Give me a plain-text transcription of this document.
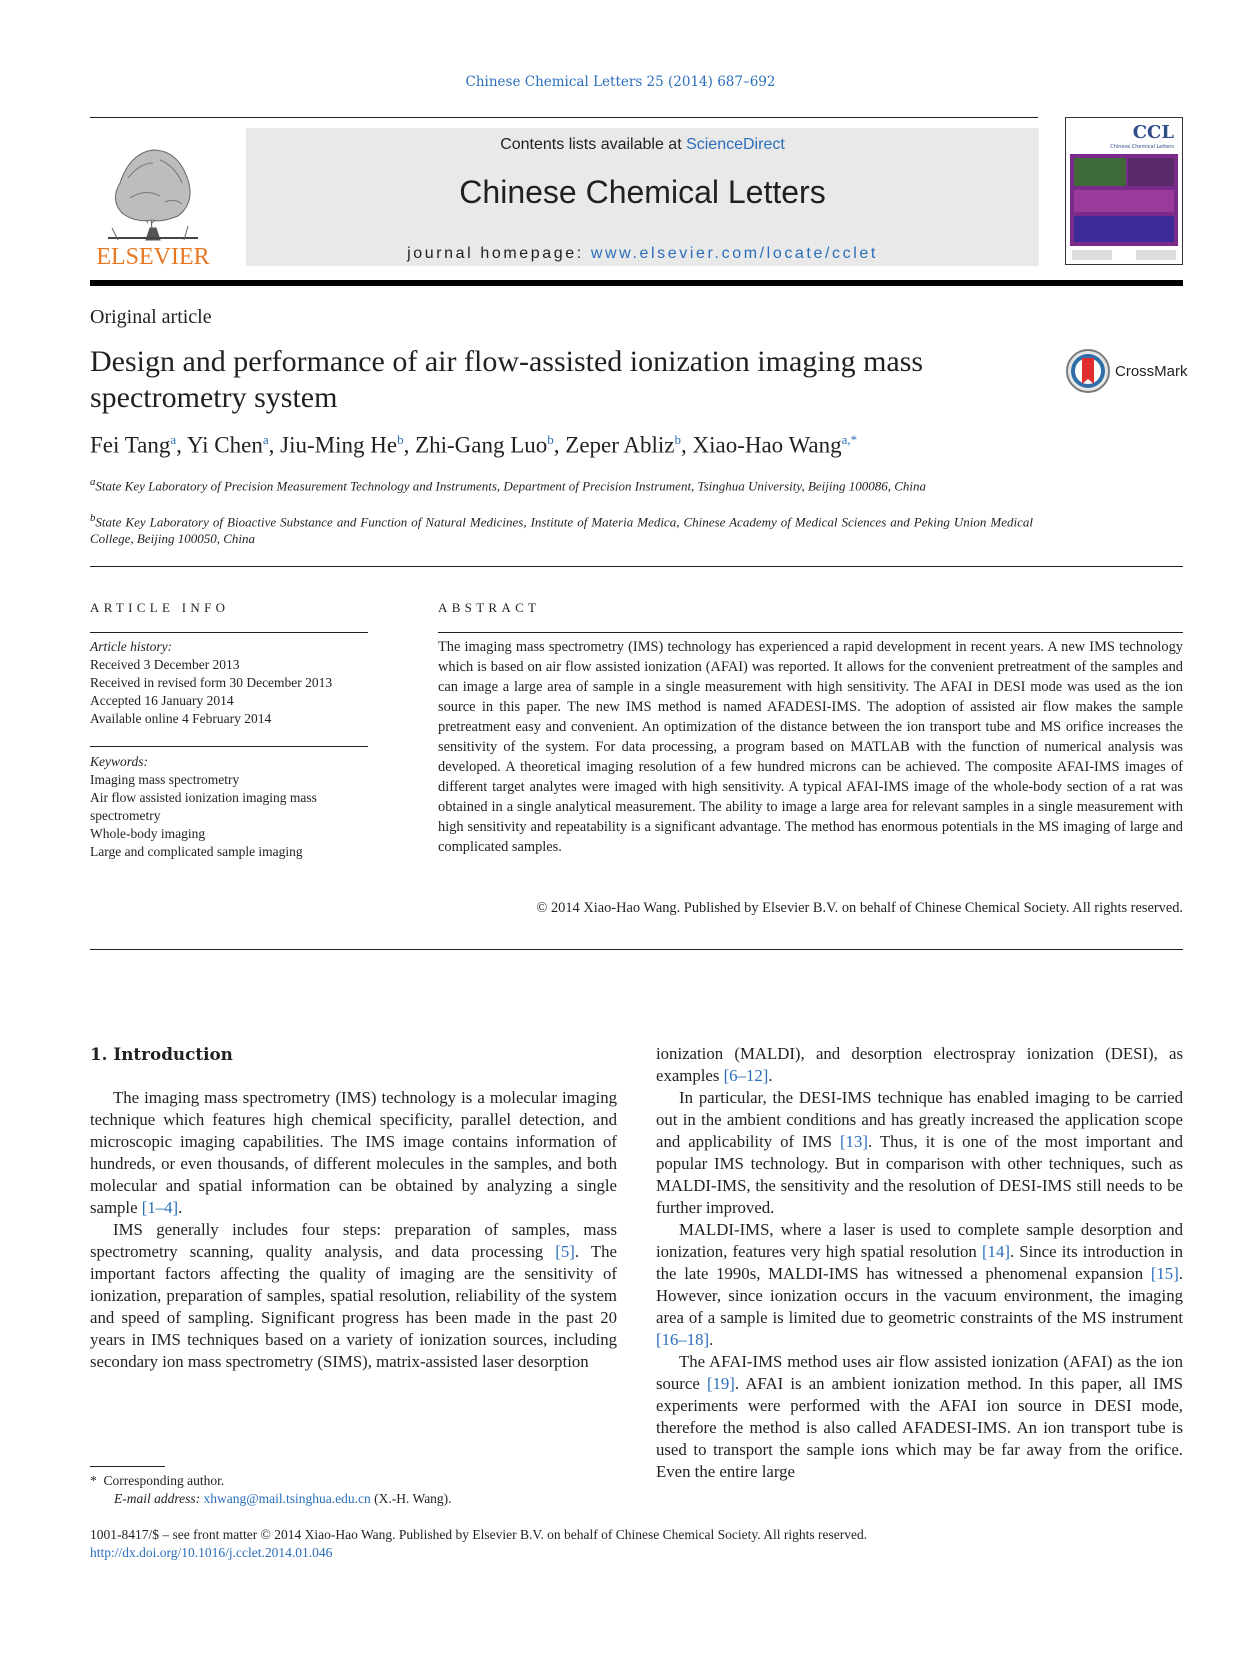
Chinese Chemical Letters 25 (2014) 687–692
ELSEVIER
Contents lists available at ScienceDirect
Chinese Chemical Letters
journal homepage: www.elsevier.com/locate/cclet
CCL
Chinese Chemical Letters
Original article
Design and performance of air flow-assisted ionization imaging mass spectrometry system
CrossMark
Fei Tang$^a$, Yi Chen$^a$, Jiu-Ming He$^b$, Zhi-Gang Luo$^b$, Zeper Abliz$^b$, Xiao-Hao Wang$^{a,*}$
$^a$State Key Laboratory of Precision Measurement Technology and Instruments, Department of Precision Instrument, Tsinghua University, Beijing 100086, China
$^b$State Key Laboratory of Bioactive Substance and Function of Natural Medicines, Institute of Materia Medica, Chinese Academy of Medical Sciences and Peking Union Medical College, Beijing 100050, China
ARTICLE INFO
Article history:
Received 3 December 2013
Received in revised form 30 December 2013
Accepted 16 January 2014
Available online 4 February 2014
Keywords:
Imaging mass spectrometry
Air flow assisted ionization imaging mass spectrometry
Whole-body imaging
Large and complicated sample imaging
ABSTRACT
The imaging mass spectrometry (IMS) technology has experienced a rapid development in recent years. A new IMS technology which is based on air flow assisted ionization (AFAI) was reported. It allows for the convenient pretreatment of the samples and can image a large area of sample in a single measurement with high sensitivity. The AFAI in DESI mode was used as the ion source in this paper. The new IMS method is named AFADESI-IMS. The adoption of assisted air flow makes the sample pretreatment easy and convenient. An optimization of the distance between the ion transport tube and MS orifice increases the sensitivity of the system. For data processing, a program based on MATLAB with the function of numerical analysis was developed. A theoretical imaging resolution of a few hundred microns can be achieved. The composite AFAI-IMS images of different target analytes were imaged with high sensitivity. A typical AFAI-IMS image of the whole-body section of a rat was obtained in a single analytical measurement. The ability to image a large area for relevant samples in a single measurement with high sensitivity and repeatability is a significant advantage. The method has enormous potentials in the MS imaging of large and complicated samples.
© 2014 Xiao-Hao Wang. Published by Elsevier B.V. on behalf of Chinese Chemical Society. All rights reserved.
1. Introduction

The imaging mass spectrometry (IMS) technology is a molecular imaging technique which features high chemical specificity, parallel detection, and microscopic imaging capabilities. The IMS image contains information of hundreds, or even thousands, of different molecules in the samples, and both molecular and spatial information can be obtained by analyzing a single sample [1–4].

IMS generally includes four steps: preparation of samples, mass spectrometry scanning, quality analysis, and data processing [5]. The important factors affecting the quality of imaging are the sensitivity of ionization, preparation of samples, spatial resolution, reliability of the system and speed of sampling. Significant progress has been made in the past 20 years in IMS techniques based on a variety of ionization sources, including secondary ion mass spectrometry (SIMS), matrix-assisted laser desorption

ionization (MALDI), and desorption electrospray ionization (DESI), as examples [6–12].

In particular, the DESI-IMS technique has enabled imaging to be carried out in the ambient conditions and has greatly increased the application scope and applicability of IMS [13]. Thus, it is one of the most important and popular IMS technology. But in comparison with other techniques, such as MALDI-IMS, the sensitivity and the resolution of DESI-IMS still needs to be further improved.

MALDI-IMS, where a laser is used to complete sample desorption and ionization, features very high spatial resolution [14]. Since its introduction in the late 1990s, MALDI-IMS has witnessed a phenomenal expansion [15]. However, since ionization occurs in the vacuum environment, the imaging area of a sample is limited due to geometric constraints of the MS instrument [16–18].

The AFAI-IMS method uses air flow assisted ionization (AFAI) as the ion source [19]. AFAI is an ambient ionization method. In this paper, all IMS experiments were performed with the AFAI ion source in DESI mode, therefore the method is also called AFADESI-IMS. An ion transport tube is used to transport the sample ions which may be far away from the orifice. Even the entire large

* Corresponding author.
E-mail address: xhwang@mail.tsinghua.edu.cn (X.-H. Wang).
1001-8417/$ – see front matter © 2014 Xiao-Hao Wang. Published by Elsevier B.V. on behalf of Chinese Chemical Society. All rights reserved.
http://dx.doi.org/10.1016/j.cclet.2014.01.046
